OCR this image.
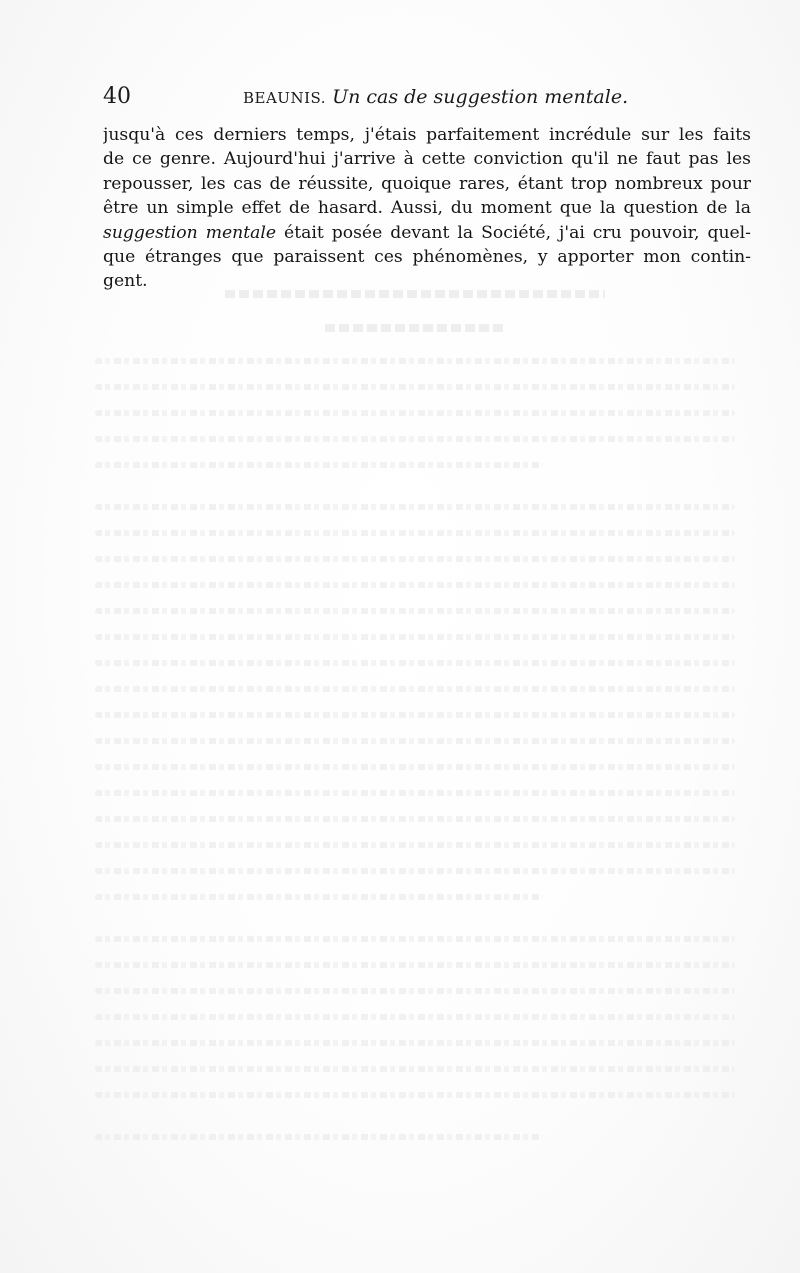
40	BEAUNIS. Un cas de suggestion mentale.
jusqu'à ces derniers temps, j'étais parfaitement incrédule sur les faits
de ce genre. Aujourd'hui j'arrive à cette conviction qu'il ne faut pas les
repousser, les cas de réussite, quoique rares, étant trop nombreux pour
être un simple effet de hasard. Aussi, du moment que la question de la
suggestion mentale était posée devant la Société, j'ai cru pouvoir, quel-
que étranges que paraissent ces phénomènes, y apporter mon contin-
gent.
